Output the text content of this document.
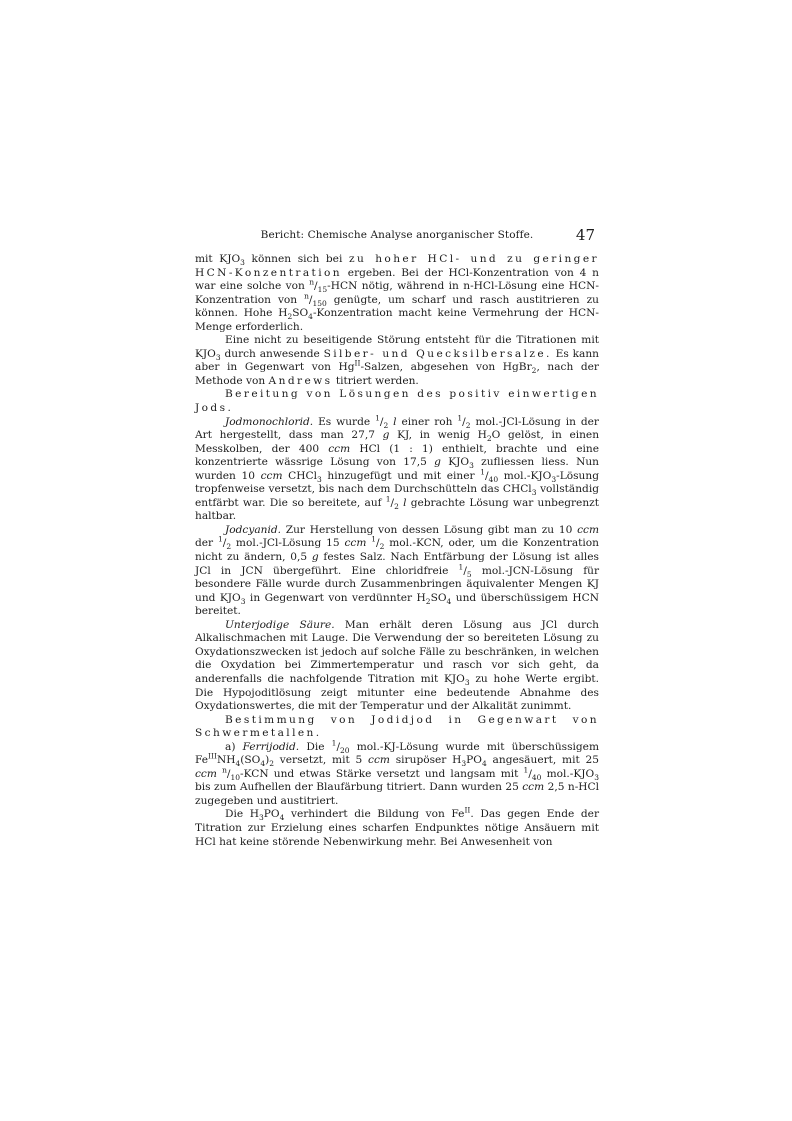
Bericht: Chemische Analyse anorganischer Stoffe.	47

mit $KJO_3$ können sich bei zu hoher HCl- und zu geringer HCN-Konzentration ergeben. Bei der HCl-Konzentration von 4 n war eine solche von $^n/_{15}$-HCN nötig, während in n-HCl-Lösung eine HCN-Konzentration von $^n/_{150}$ genügte, um scharf und rasch austitrieren zu können. Hohe $H_2SO_4$-Konzentration macht keine Vermehrung der HCN-Menge erforderlich.

Eine nicht zu beseitigende Störung entsteht für die Titrationen mit $KJO_3$ durch anwesende Silber- und Quecksilbersalze. Es kann aber in Gegenwart von $Hg^{II}$-Salzen, abgesehen von HgBr$_2$, nach der Methode von Andrews titriert werden.

Bereitung von Lösungen des positiv einwertigen Jods.

Jodmonochlorid. Es wurde $^1/_2$ l einer roh $^1/_2$ mol.-JCl-Lösung in der Art hergestellt, dass man 27,7 g KJ, in wenig $H_2O$ gelöst, in einen Messkolben, der 400 ccm HCl (1 : 1) enthielt, brachte und eine konzentrierte wässrige Lösung von 17,5 g $KJO_3$ zufliessen liess. Nun wurden 10 ccm CHCl$_3$ hinzugefügt und mit einer $^1/_{40}$ $mol.-KJO_3$-Lösung tropfenweise versetzt, bis nach dem Durchschütteln das CHCl$_3$ vollständig entfärbt war. Die so bereitete, auf $^1/_2$ l gebrachte Lösung war unbegrenzt haltbar.

Jodcyanid. Zur Herstellung von dessen Lösung gibt man zu 10 ccm der $^1/_2$ mol.-JCl-Lösung 15 ccm $^1/_2$ mol.-KCN, oder, um die Konzentration nicht zu ändern, 0,5 g festes Salz. Nach Entfärbung der Lösung ist alles JCl in JCN übergeführt. Eine chloridfreie $^1/_5$ mol.-JCN-Lösung für besondere Fälle wurde durch Zusammenbringen äquivalenter Mengen KJ und $KJO_3$ in Gegenwart von verdünnter $H_2SO_4$ und überschüssigem HCN bereitet.

Unterjodige Säure. Man erhält deren Lösung aus JCl durch Alkalischmachen mit Lauge. Die Verwendung der so bereiteten Lösung zu Oxydationszwecken ist jedoch auf solche Fälle zu beschränken, in welchen die Oxydation bei Zimmertemperatur und rasch vor sich geht, da anderenfalls die nachfolgende Titration mit $KJO_3$ zu hohe Werte ergibt. Die Hypojoditlösung zeigt mitunter eine bedeutende Abnahme des Oxydationswertes, die mit der Temperatur und der Alkalität zunimmt.

Bestimmung von Jodidjod in Gegenwart von Schwermetallen.

a) Ferrijodid. Die $^1/_{20}$ mol.-KJ-Lösung wurde mit überschüssigem $Fe^{III}NH_4(SO_4)_2$ versetzt, mit 5 ccm sirupöser $H_3PO_4$ angesäuert, mit 25 ccm $^n/_{10}$-KCN und etwas Stärke versetzt und langsam mit $^1/_{40}$ $mol.-KJO_3$ bis zum Aufhellen der Blaufärbung titriert. Dann wurden 25 ccm 2,5 n-HCl zugegeben und austitriert.

Die $H_3PO_4$ verhindert die Bildung von $Fe^{II}$. Das gegen Ende der Titration zur Erzielung eines scharfen Endpunktes nötige Ansäuern mit HCl hat keine störende Nebenwirkung mehr. Bei Anwesenheit von
